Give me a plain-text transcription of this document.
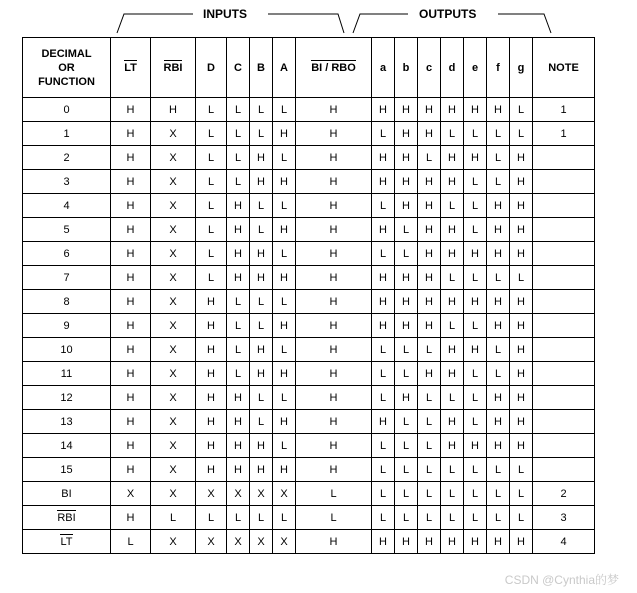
INPUTS	OUTPUTS
DECIMAL
OR
FUNCTION	LT	RBI	D	C	B	A	BI / RBO	a	b	c	d	e	f	g	NOTE
0	H	H	L	L	L	L	H	H	H	H	H	H	H	L	1
1	H	X	L	L	L	H	H	L	H	H	L	L	L	L	1
2	H	X	L	L	H	L	H	H	H	L	H	H	L	H	
3	H	X	L	L	H	H	H	H	H	H	H	L	L	H	
4	H	X	L	H	L	L	H	L	H	H	L	L	H	H	
5	H	X	L	H	L	H	H	H	L	H	H	L	H	H	
6	H	X	L	H	H	L	H	L	L	H	H	H	H	H	
7	H	X	L	H	H	H	H	H	H	H	L	L	L	L	
8	H	X	H	L	L	L	H	H	H	H	H	H	H	H	
9	H	X	H	L	L	H	H	H	H	H	L	L	H	H	
10	H	X	H	L	H	L	H	L	L	L	H	H	L	H	
11	H	X	H	L	H	H	H	L	L	H	H	L	L	H	
12	H	X	H	H	L	L	H	L	H	L	L	L	H	H	
13	H	X	H	H	L	H	H	H	L	L	H	L	H	H	
14	H	X	H	H	H	L	H	L	L	L	H	H	H	H	
15	H	X	H	H	H	H	H	L	L	L	L	L	L	L	
BI	X	X	X	X	X	X	L	L	L	L	L	L	L	L	2
RBI	H	L	L	L	L	L	L	L	L	L	L	L	L	L	3
LT	L	X	X	X	X	X	H	H	H	H	H	H	H	H	4
CSDN @Cynthia的梦
